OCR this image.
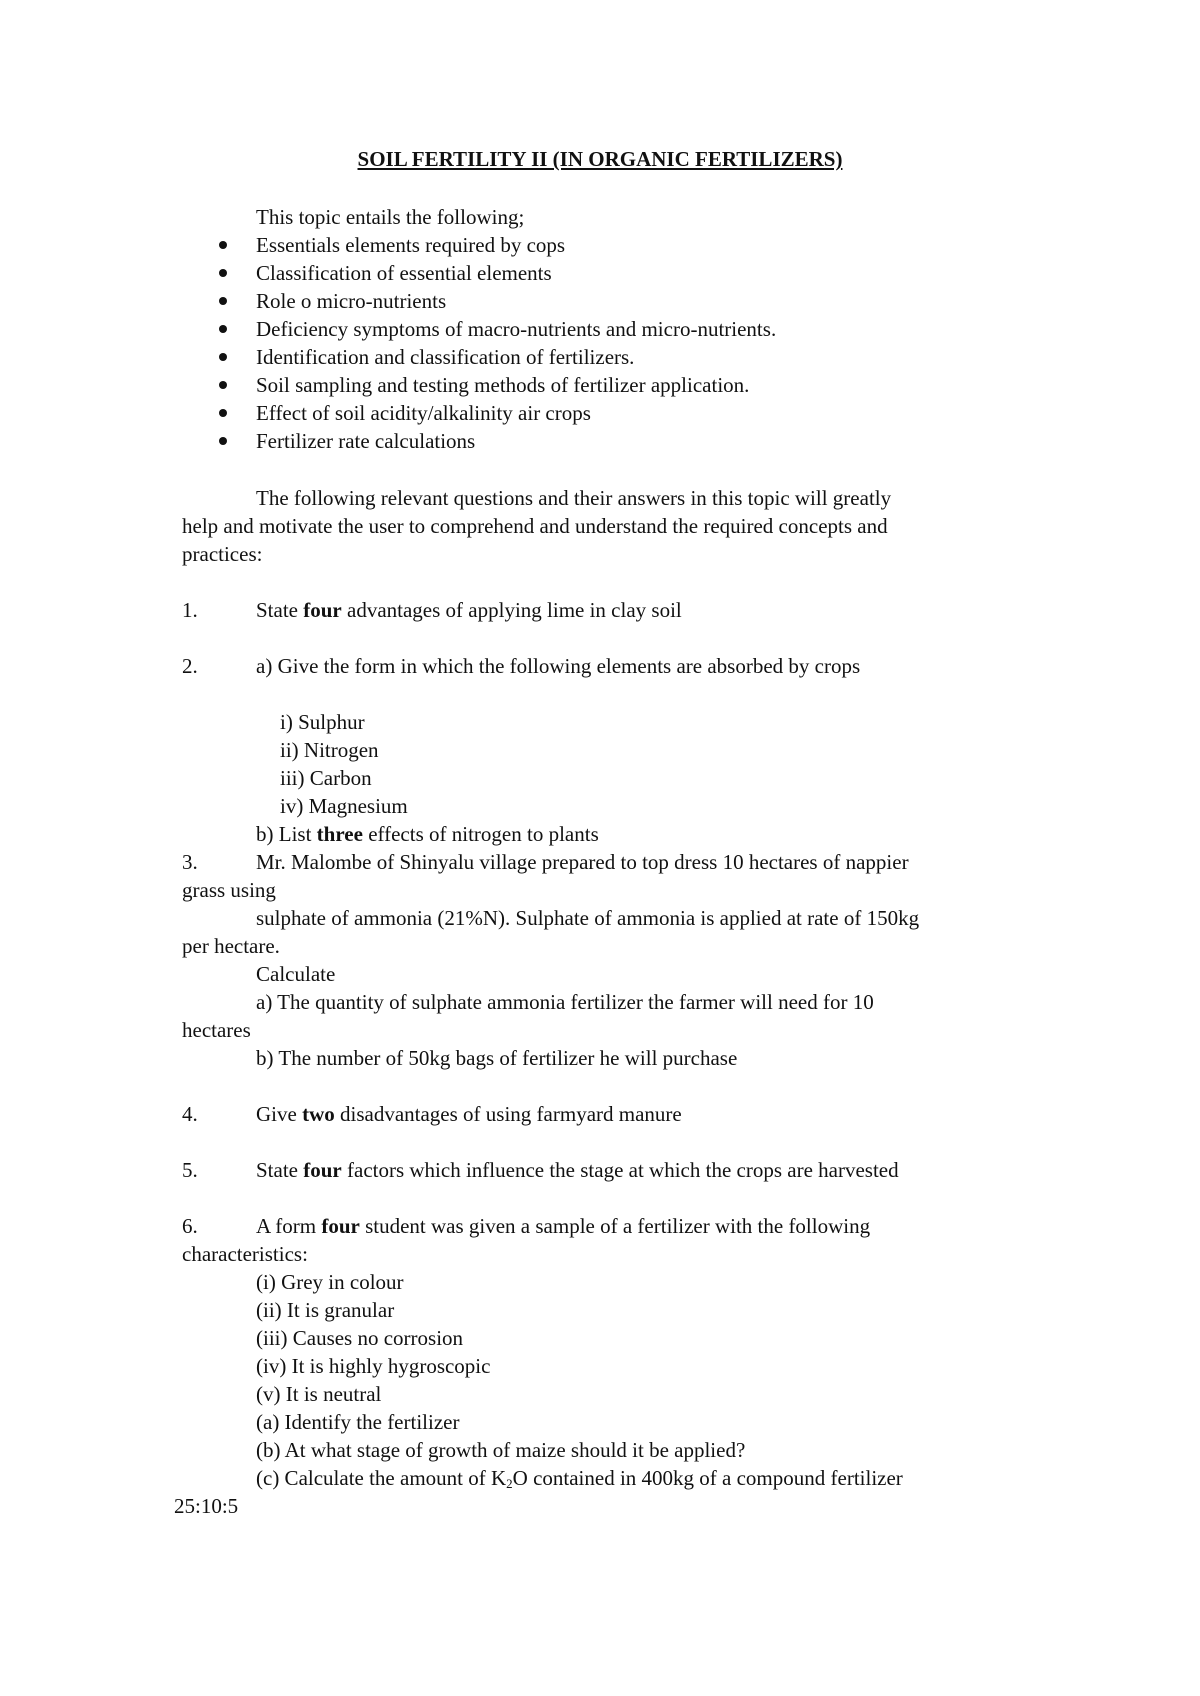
SOIL FERTILITY II (IN ORGANIC FERTILIZERS)
This topic entails the following;
Essentials elements required by cops
Classification of essential elements
Role o micro-nutrients
Deficiency symptoms of macro-nutrients and micro-nutrients.
Identification and classification of fertilizers.
Soil sampling and testing methods of fertilizer application.
Effect of soil acidity/alkalinity air crops
Fertilizer rate calculations
The following relevant questions and their answers in this topic will greatly
help and motivate the user to comprehend and understand the required concepts and
practices:
1.	State four advantages of applying lime in clay soil
2.	a) Give the form in which the following elements are absorbed by crops
i) Sulphur
ii) Nitrogen
iii) Carbon
iv) Magnesium
b) List three effects of nitrogen to plants
3.	Mr. Malombe of Shinyalu village prepared to top dress 10 hectares of nappier
grass using
sulphate of ammonia (21%N). Sulphate of ammonia is applied at rate of 150kg
per hectare.
Calculate
a) The quantity of sulphate ammonia fertilizer the farmer will need for 10
hectares
b) The number of 50kg bags of fertilizer he will purchase
4.	Give two disadvantages of using farmyard manure
5.	State four factors which influence the stage at which the crops are harvested
6.	A form four student was given a sample of a fertilizer with the following
characteristics:
(i) Grey in colour
(ii) It is granular
(iii) Causes no corrosion
(iv) It is highly hygroscopic
(v) It is neutral
(a) Identify the fertilizer
(b) At what stage of growth of maize should it be applied?
(c) Calculate the amount of $K_2O$ contained in 400kg of a compound fertilizer
25:10:5
